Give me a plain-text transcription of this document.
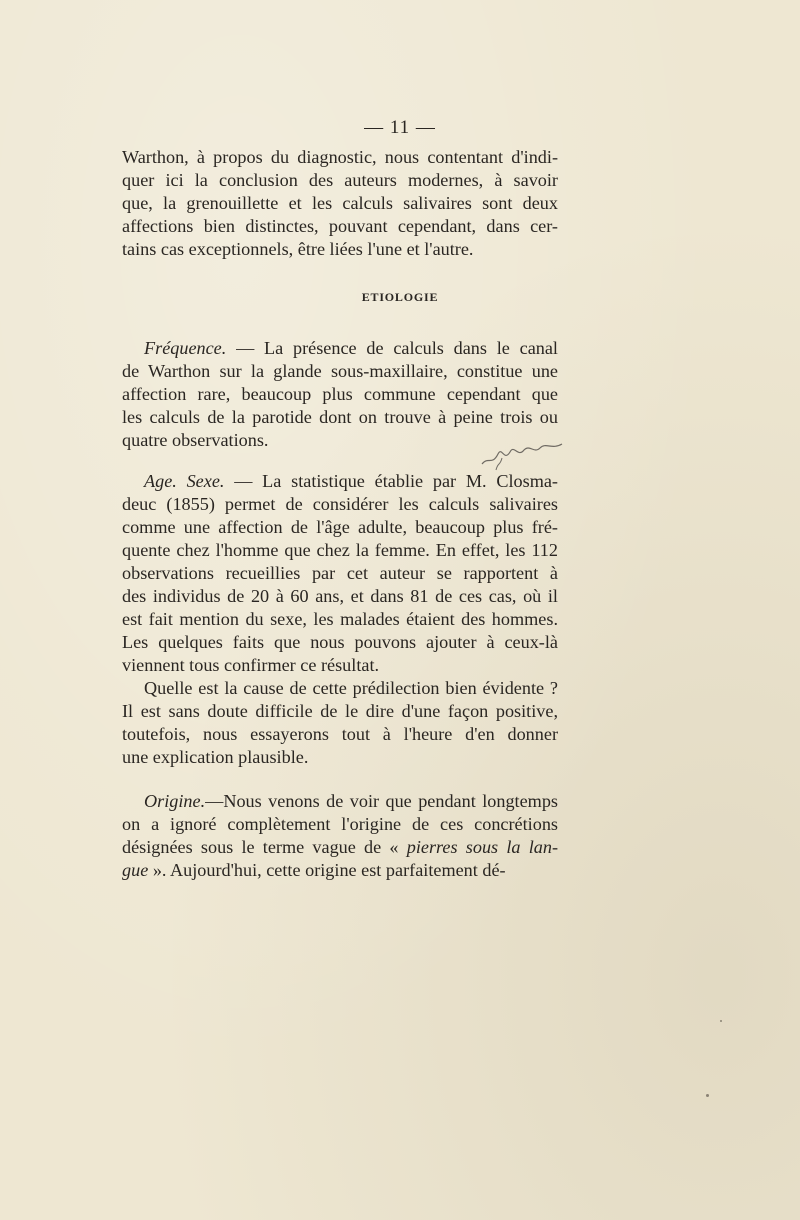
— 11 —
Warthon, à propos du diagnostic, nous contentant d'indi-
quer ici la conclusion des auteurs modernes, à savoir
que, la grenouillette et les calculs salivaires sont deux
affections bien distinctes, pouvant cependant, dans cer-
tains cas exceptionnels, être liées l'une et l'autre.
ETIOLOGIE
Fréquence. — La présence de calculs dans le canal
de Warthon sur la glande sous-maxillaire, constitue une
affection rare, beaucoup plus commune cependant que
les calculs de la parotide dont on trouve à peine trois ou
quatre observations.
Age. Sexe. — La statistique établie par M. Closma-
deuc (1855) permet de considérer les calculs salivaires
comme une affection de l'âge adulte, beaucoup plus fré-
quente chez l'homme que chez la femme. En effet, les 112
observations recueillies par cet auteur se rapportent à
des individus de 20 à 60 ans, et dans 81 de ces cas, où il
est fait mention du sexe, les malades étaient des hommes.
Les quelques faits que nous pouvons ajouter à ceux-là
viennent tous confirmer ce résultat.
Quelle est la cause de cette prédilection bien évidente ?
Il est sans doute difficile de le dire d'une façon positive,
toutefois, nous essayerons tout à l'heure d'en donner
une explication plausible.
Origine.—Nous venons de voir que pendant longtemps
on a ignoré complètement l'origine de ces concrétions
désignées sous le terme vague de « pierres sous la lan-
gue ». Aujourd'hui, cette origine est parfaitement dé-
